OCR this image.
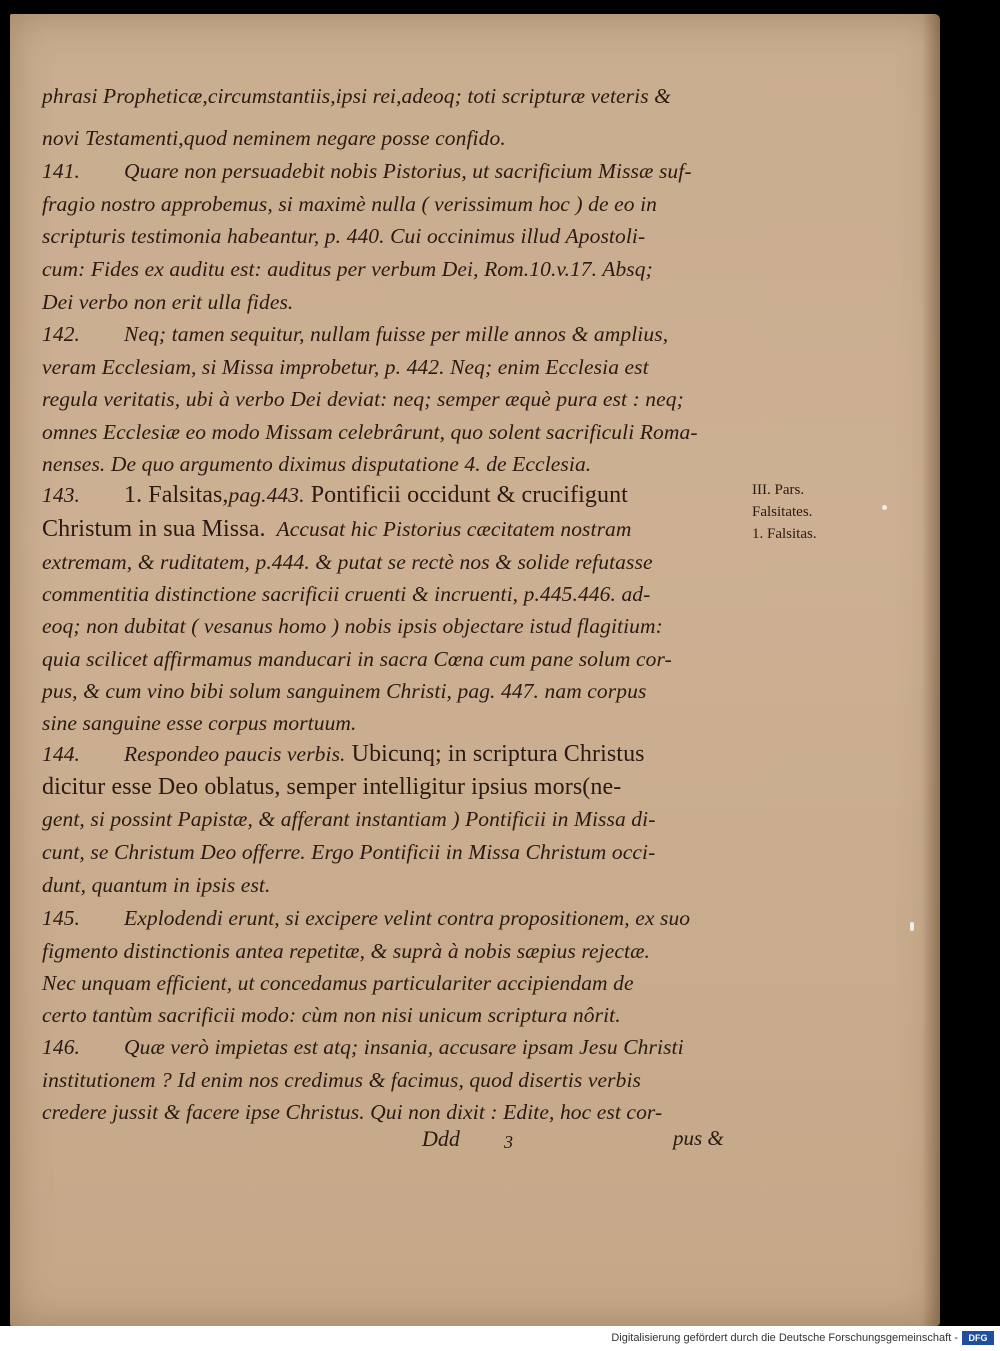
phrasi Propheticæ,circumstantiis,ipsi rei,adeoq; toti scripturæ veteris &
novi Testamenti,quod neminem negare posse confido.
141. Quare non persuadebit nobis Pistorius, ut sacrificium Missæ suf-
fragio nostro approbemus, si maximè nulla ( verissimum hoc ) de eo in
scripturis testimonia habeantur, p. 440. Cui occinimus illud Apostoli-
cum: Fides ex auditu est: auditus per verbum Dei, Rom.10.v.17. Absq;
Dei verbo non erit ulla fides.
142. Neq; tamen sequitur, nullam fuisse per mille annos & amplius,
veram Ecclesiam, si Missa improbetur, p. 442. Neq; enim Ecclesia est
regula veritatis, ubi à verbo Dei deviat: neq; semper æquè pura est : neq;
omnes Ecclesiæ eo modo Missam celebrârunt, quo solent sacrificuli Roma-
nenses. De quo argumento diximus disputatione 4. de Ecclesia.
143. 1. Falsitas,pag.443. Pontificii occidunt & crucifigunt
Christum in sua Missa. Accusat hic Pistorius cæcitatem nostram
extremam, & ruditatem, p.444. & putat se rectè nos & solide refutasse
commentitia distinctione sacrificii cruenti & incruenti, p.445.446. ad-
eoq; non dubitat ( vesanus homo ) nobis ipsis objectare istud flagitium:
quia scilicet affirmamus manducari in sacra Cœna cum pane solum cor-
pus, & cum vino bibi solum sanguinem Christi, pag. 447. nam corpus
sine sanguine esse corpus mortuum.
144. Respondeo paucis verbis. Ubicunq; in scriptura Christus
dicitur esse Deo oblatus, semper intelligitur ipsius mors(ne-
gent, si possint Papistæ, & afferant instantiam ) Pontificii in Missa di-
cunt, se Christum Deo offerre. Ergo Pontificii in Missa Christum occi-
dunt, quantum in ipsis est.
145. Explodendi erunt, si excipere velint contra propositionem, ex suo
figmento distinctionis antea repetitæ, & suprà à nobis sæpius rejectæ.
Nec unquam efficient, ut concedamus particulariter accipiendam de
certo tantùm sacrificii modo: cùm non nisi unicum scriptura nôrit.
146. Quæ verò impietas est atq; insania, accusare ipsam Jesu Christi
institutionem ? Id enim nos credimus & facimus, quod disertis verbis
credere jussit & facere ipse Christus. Qui non dixit : Edite, hoc est cor-
III. Pars.
Falsitates.
1. Falsitas.
Ddd 3	pus &
Digitalisierung gefördert durch die Deutsche Forschungsgemeinschaft -	DFG
